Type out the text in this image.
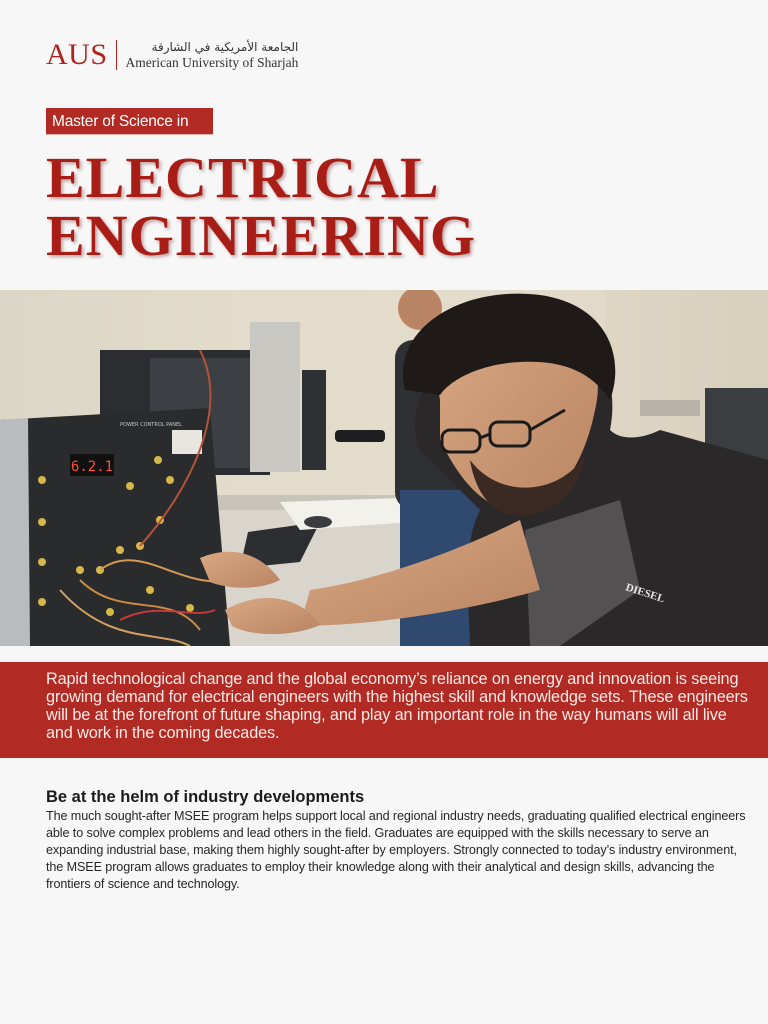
AUS	الجامعة الأمريكية في الشارقة
American University of Sharjah
Master of Science in
ELECTRICAL
ENGINEERING
6.2.1
POWER CONTROL PANEL
DIESEL
Rapid technological change and the global economy’s reliance on energy and innovation is seeing growing demand for electrical engineers with the highest skill and knowledge sets. These engineers will be at the forefront of future shaping, and play an important role in the way humans will all live and work in the coming decades.
Be at the helm of industry developments
The much sought-after MSEE program helps support local and regional industry needs, graduating qualified electrical engineers able to solve complex problems and lead others in the field. Graduates are equipped with the skills necessary to serve an expanding industrial base, making them highly sought-after by employers. Strongly connected to today’s industry environment, the MSEE program allows graduates to employ their knowledge along with their analytical and design skills, advancing the frontiers of science and technology.
